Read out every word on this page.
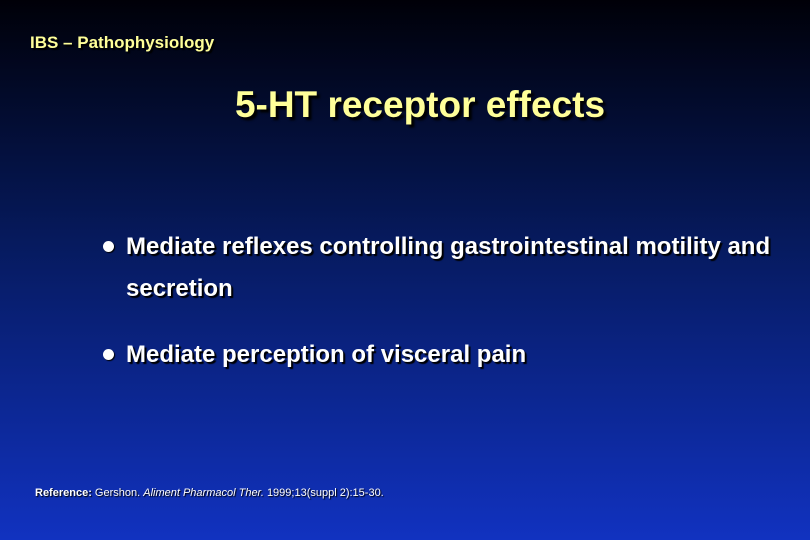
IBS – Pathophysiology
5-HT receptor effects
Mediate reflexes controlling gastrointestinal motility and secretion
Mediate perception of visceral pain
Reference: Gershon. Aliment Pharmacol Ther. 1999;13(suppl 2):15-30.
